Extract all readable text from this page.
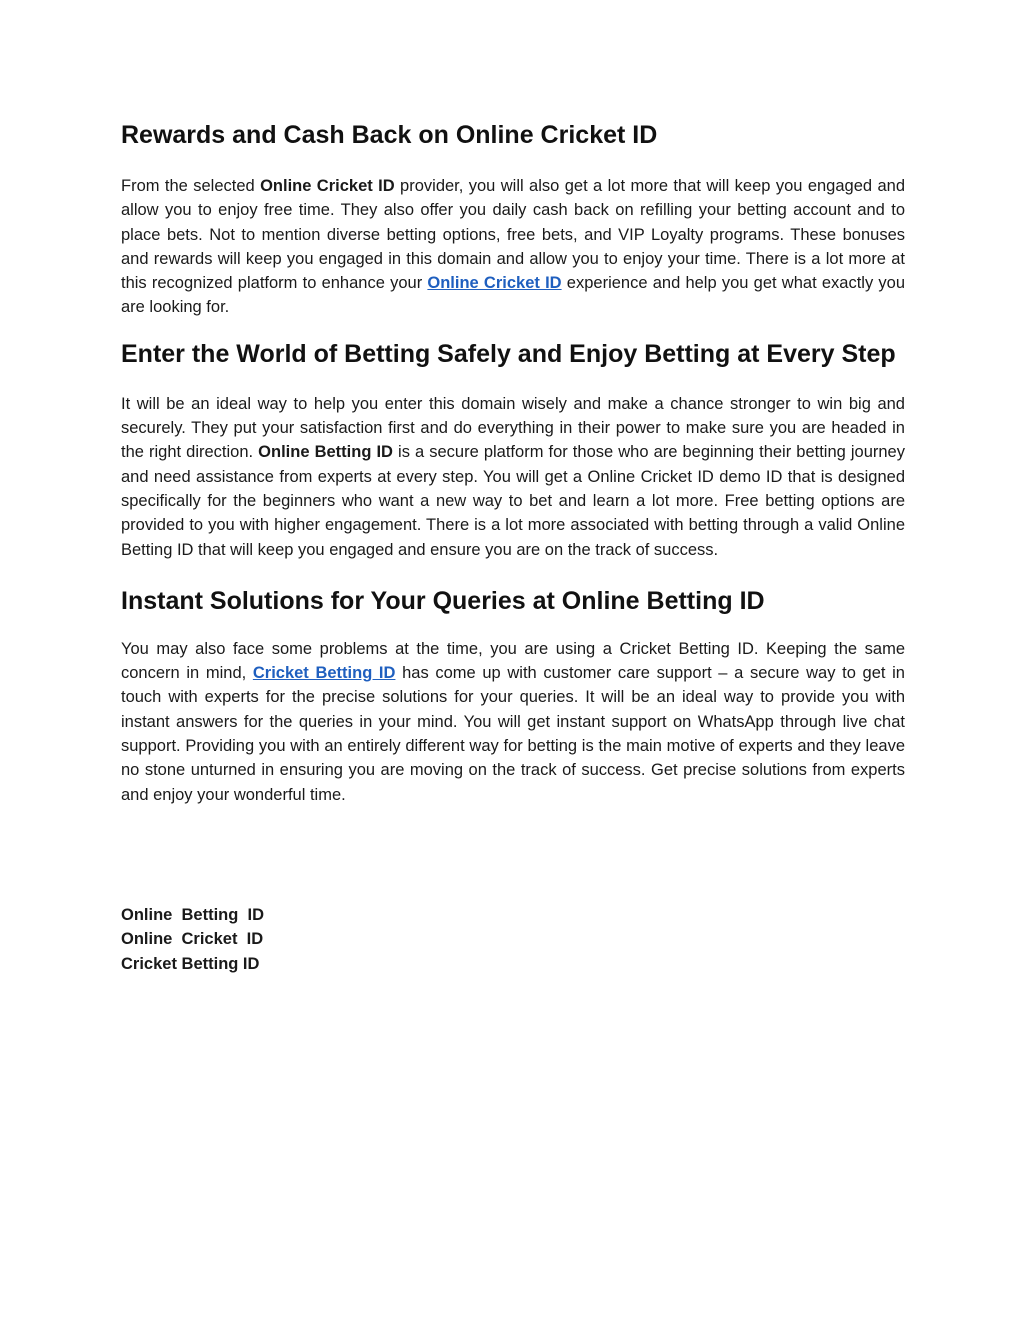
Rewards and Cash Back on Online Cricket ID

From the selected Online Cricket ID provider, you will also get a lot more that will keep you engaged and allow you to enjoy free time. They also offer you daily cash back on refilling your betting account and to place bets. Not to mention diverse betting options, free bets, and VIP Loyalty programs. These bonuses and rewards will keep you engaged in this domain and allow you to enjoy your time. There is a lot more at this recognized platform to enhance your Online Cricket ID experience and help you get what exactly you are looking for.

Enter the World of Betting Safely and Enjoy Betting at Every Step

It will be an ideal way to help you enter this domain wisely and make a chance stronger to win big and securely. They put your satisfaction first and do everything in their power to make sure you are headed in the right direction. Online Betting ID is a secure platform for those who are beginning their betting journey and need assistance from experts at every step. You will get a Online Cricket ID demo ID that is designed specifically for the beginners who want a new way to bet and learn a lot more. Free betting options are provided to you with higher engagement. There is a lot more associated with betting through a valid Online Betting ID that will keep you engaged and ensure you are on the track of success.

Instant Solutions for Your Queries at Online Betting ID

You may also face some problems at the time, you are using a Cricket Betting ID. Keeping the same concern in mind, Cricket Betting ID has come up with customer care support – a secure way to get in touch with experts for the precise solutions for your queries. It will be an ideal way to provide you with instant answers for the queries in your mind. You will get instant support on WhatsApp through live chat support. Providing you with an entirely different way for betting is the main motive of experts and they leave no stone unturned in ensuring you are moving on the track of success. Get precise solutions from experts and enjoy your wonderful time.

Online  Betting  ID
Online  Cricket  ID
Cricket Betting ID
